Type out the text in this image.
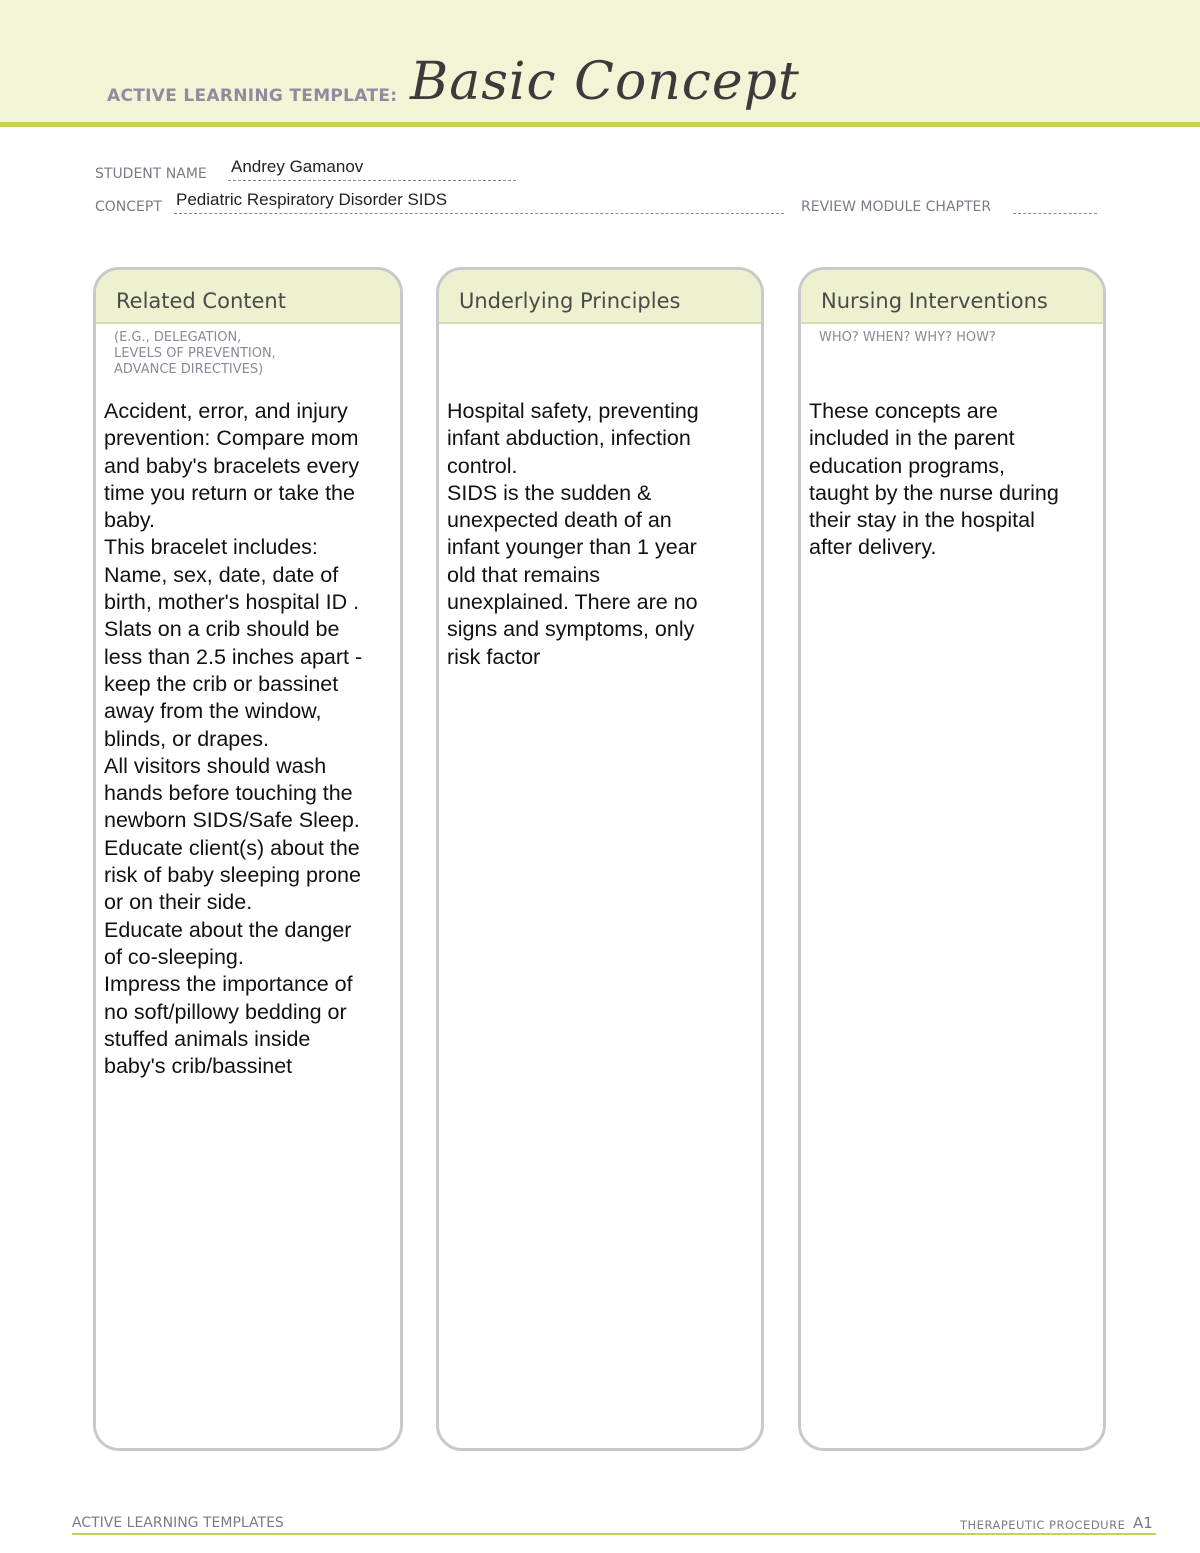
ACTIVE LEARNING TEMPLATE: Basic Concept
STUDENT NAME Andrey Gamanov
CONCEPT Pediatric Respiratory Disorder SIDS	REVIEW MODULE CHAPTER
Related Content
(E.G., DELEGATION,
LEVELS OF PREVENTION,
ADVANCE DIRECTIVES)
Accident, error, and injury
prevention: Compare mom
and baby's bracelets every
time you return or take the
baby.
This bracelet includes:
Name, sex, date, date of
birth, mother's hospital ID .
Slats on a crib should be
less than 2.5 inches apart -
keep the crib or bassinet
away from the window,
blinds, or drapes.
All visitors should wash
hands before touching the
newborn SIDS/Safe Sleep.
Educate client(s) about the
risk of baby sleeping prone
or on their side.
Educate about the danger
of co-sleeping.
Impress the importance of
no soft/pillowy bedding or
stuffed animals inside
baby's crib/bassinet
Underlying Principles
Hospital safety, preventing
infant abduction, infection
control.
SIDS is the sudden &
unexpected death of an
infant younger than 1 year
old that remains
unexplained. There are no
signs and symptoms, only
risk factor
Nursing Interventions
WHO? WHEN? WHY? HOW?
These concepts are
included in the parent
education programs,
taught by the nurse during
their stay in the hospital
after delivery.
ACTIVE LEARNING TEMPLATES	THERAPEUTIC PROCEDURE A1
